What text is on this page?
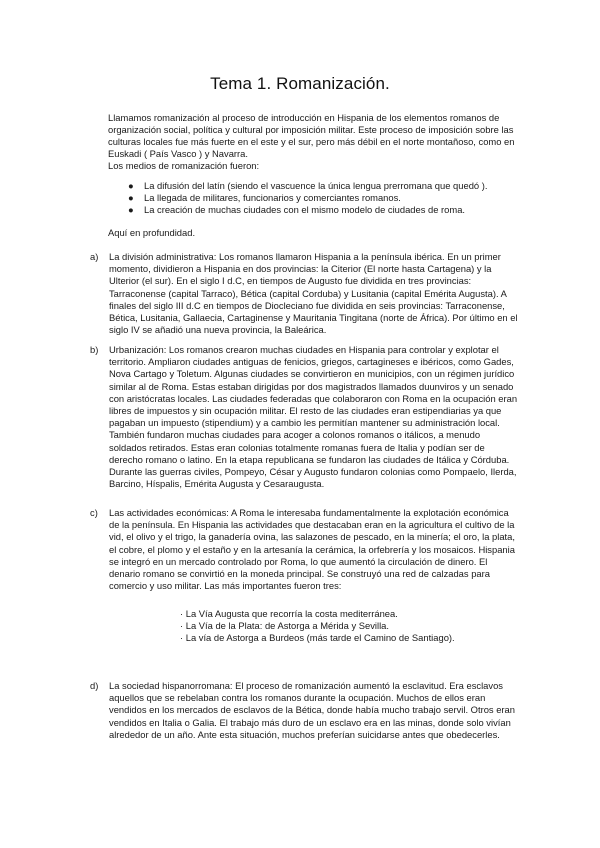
Tema 1. Romanización.
Llamamos romanización al proceso de introducción en Hispania de los elementos romanos de organización social, política y cultural por imposición militar. Este proceso de imposición sobre las culturas locales fue más fuerte en el este y el sur, pero más débil en el norte montañoso, como en Euskadi ( País Vasco ) y Navarra.
Los medios de romanización fueron:
● La difusión del latín (siendo el vascuence la única lengua prerromana que quedó ).
● La llegada de militares, funcionarios y comerciantes romanos.
● La creación de muchas ciudades con el mismo modelo de ciudades de roma.
Aquí en profundidad.
a)	La división administrativa: Los romanos llamaron Hispania a la península ibérica. En un primer momento, dividieron a Hispania en dos provincias: la Citerior (El norte hasta Cartagena) y la Ulterior (el sur). En el siglo I d.C, en tiempos de Augusto fue dividida en tres provincias: Tarraconense (capital Tarraco), Bética (capital Corduba) y Lusitania (capital Emérita Augusta). A finales del siglo III d.C en tiempos de Diocleciano fue dividida en seis provincias: Tarraconense, Bética, Lusitania, Gallaecia, Cartaginense y Mauritania Tingitana (norte de África). Por último en el siglo IV se añadió una nueva provincia, la Baleárica.
b)	Urbanización: Los romanos crearon muchas ciudades en Hispania para controlar y explotar el territorio. Ampliaron ciudades antiguas de fenicios, griegos, cartagineses e ibéricos, como Gades, Nova Cartago y Toletum. Algunas ciudades se convirtieron en municipios, con un régimen jurídico similar al de Roma. Estas estaban dirigidas por dos magistrados llamados duunviros y un senado con aristócratas locales. Las ciudades federadas que colaboraron con Roma en la ocupación eran libres de impuestos y sin ocupación militar. El resto de las ciudades eran estipendiarias ya que pagaban un impuesto (stipendium) y a cambio les permitían mantener su administración local. También fundaron muchas ciudades para acoger a colonos romanos o itálicos, a menudo soldados retirados. Estas eran colonias totalmente romanas fuera de Italia y podían ser de derecho romano o latino. En la etapa republicana se fundaron las ciudades de Itálica y Córduba. Durante las guerras civiles, Pompeyo, César y Augusto fundaron colonias como Pompaelo, Ilerda, Barcino, Híspalis, Emérita Augusta y Cesaraugusta.
c)	Las actividades económicas: A Roma le interesaba fundamentalmente la explotación económica de la península. En Hispania las actividades que destacaban eran en la agricultura el cultivo de la vid, el olivo y el trigo, la ganadería ovina, las salazones de pescado, en la minería; el oro, la plata, el cobre, el plomo y el estaño y en la artesanía la cerámica, la orfebrería y los mosaicos. Hispania se integró en un mercado controlado por Roma, lo que aumentó la circulación de dinero. El denario romano se convirtió en la moneda principal. Se construyó una red de calzadas para comercio y uso militar. Las más importantes fueron tres:
· La Vía Augusta que recorría la costa mediterránea.
· La Vía de la Plata: de Astorga a Mérida y Sevilla.
· La vía de Astorga a Burdeos (más tarde el Camino de Santiago).
d)	La sociedad hispanorromana: El proceso de romanización aumentó la esclavitud. Era esclavos aquellos que se rebelaban contra los romanos durante la ocupación. Muchos de ellos eran vendidos en los mercados de esclavos de la Bética, donde había mucho trabajo servil. Otros eran vendidos en Italia o Galia. El trabajo más duro de un esclavo era en las minas, donde solo vivían alrededor de un año. Ante esta situación, muchos preferían suicidarse antes que obedecerles.
